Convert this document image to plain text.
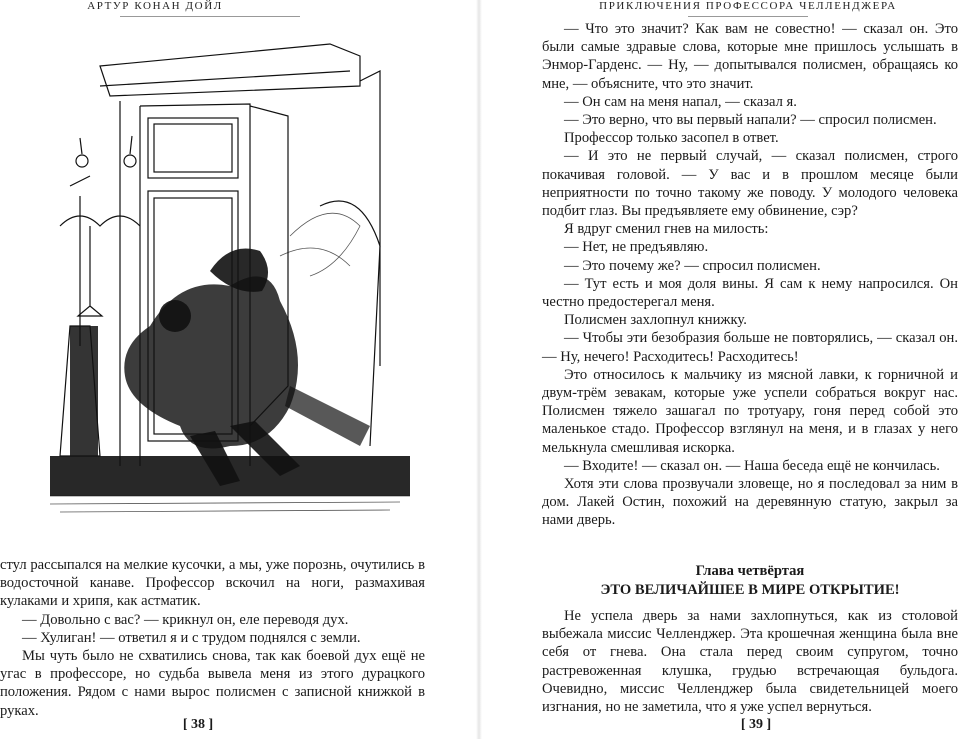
АРТУР КОНАН ДОЙЛ

стул рассыпался на мелкие кусочки, а мы, уже порознь, очутились в водосточной канаве. Профессор вскочил на ноги, размахивая кулаками и хрипя, как астматик.

— Довольно с вас? — крикнул он, еле переводя дух.

— Хулиган! — ответил я и с трудом поднялся с земли.

Мы чуть было не схватились снова, так как боевой дух ещё не угас в профессоре, но судьба вывела меня из этого дурацкого положения. Рядом с нами вырос полисмен с записной книжкой в руках.

[ 38 ]
ПРИКЛЮЧЕНИЯ ПРОФЕССОРА ЧЕЛЛЕНДЖЕРА

— Что это значит? Как вам не совестно! — сказал он. Это были самые здравые слова, которые мне пришлось услышать в Энмор-Гарденс. — Ну, — допытывался полисмен, обращаясь ко мне, — объясните, что это значит.

— Он сам на меня напал, — сказал я.

— Это верно, что вы первый напали? — спросил полисмен.

Профессор только засопел в ответ.

— И это не первый случай, — сказал полисмен, строго покачивая головой. — У вас и в прошлом месяце были неприятности по точно такому же поводу. У молодого человека подбит глаз. Вы предъявляете ему обвинение, сэр?

Я вдруг сменил гнев на милость:

— Нет, не предъявляю.

— Это почему же? — спросил полисмен.

— Тут есть и моя доля вины. Я сам к нему напросился. Он честно предостерегал меня.

Полисмен захлопнул книжку.

— Чтобы эти безобразия больше не повторялись, — сказал он. — Ну, нечего! Расходитесь! Расходитесь!

Это относилось к мальчику из мясной лавки, к горничной и двум-трём зевакам, которые уже успели собраться вокруг нас. Полисмен тяжело зашагал по тротуару, гоня перед собой это маленькое стадо. Профессор взглянул на меня, и в глазах у него мелькнула смешливая искорка.

— Входите! — сказал он. — Наша беседа ещё не кончилась.

Хотя эти слова прозвучали зловеще, но я последовал за ним в дом. Лакей Остин, похожий на деревянную статую, закрыл за нами дверь.

Глава четвёртая
ЭТО ВЕЛИЧАЙШЕЕ В МИРЕ ОТКРЫТИЕ!

Не успела дверь за нами захлопнуться, как из столовой выбежала миссис Челленджер. Эта крошечная женщина была вне себя от гнева. Она стала перед своим супругом, точно растревоженная клушка, грудью встречающая бульдога. Очевидно, миссис Челленджер была свидетельницей моего изгнания, но не заметила, что я уже успел вернуться.

[ 39 ]
